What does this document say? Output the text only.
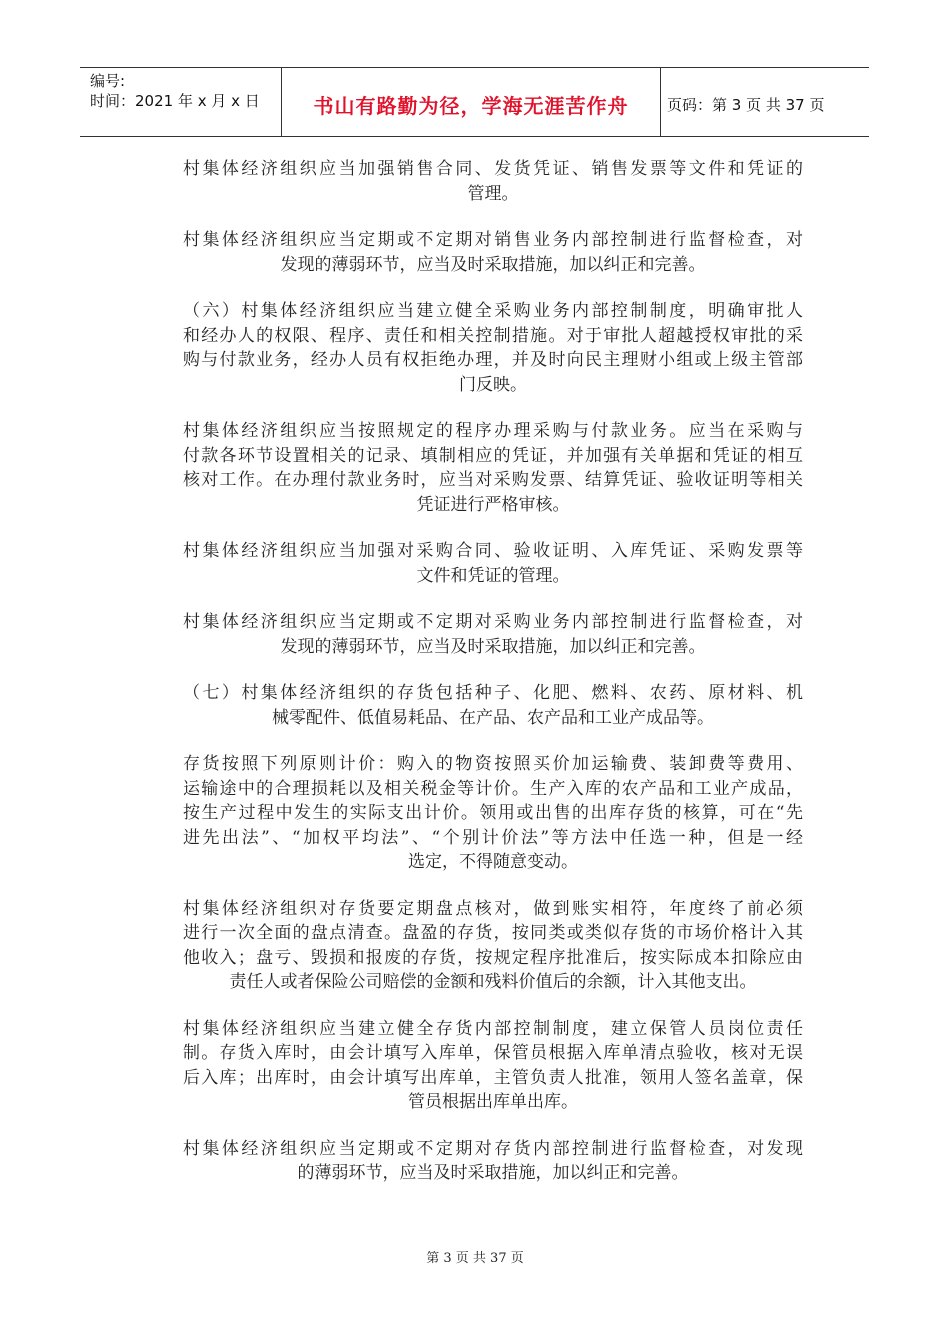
编号:
时间：2021 年 x 月 x 日	书山有路勤为径，学海无涯苦作舟	页码：第 3 页 共 37 页
村集体经济组织应当加强销售合同、发货凭证、销售发票等文件和凭证的
管理。
村集体经济组织应当定期或不定期对销售业务内部控制进行监督检查，对
发现的薄弱环节，应当及时采取措施，加以纠正和完善。
（六）村集体经济组织应当建立健全采购业务内部控制制度，明确审批人
和经办人的权限、程序、责任和相关控制措施。对于审批人超越授权审批的采
购与付款业务，经办人员有权拒绝办理，并及时向民主理财小组或上级主管部
门反映。
村集体经济组织应当按照规定的程序办理采购与付款业务。应当在采购与
付款各环节设置相关的记录、填制相应的凭证，并加强有关单据和凭证的相互
核对工作。在办理付款业务时，应当对采购发票、结算凭证、验收证明等相关
凭证进行严格审核。
村集体经济组织应当加强对采购合同、验收证明、入库凭证、采购发票等
文件和凭证的管理。
村集体经济组织应当定期或不定期对采购业务内部控制进行监督检查，对
发现的薄弱环节，应当及时采取措施，加以纠正和完善。
（七）村集体经济组织的存货包括种子、化肥、燃料、农药、原材料、机
械零配件、低值易耗品、在产品、农产品和工业产成品等。
存货按照下列原则计价：购入的物资按照买价加运输费、装卸费等费用、
运输途中的合理损耗以及相关税金等计价。生产入库的农产品和工业产成品，
按生产过程中发生的实际支出计价。领用或出售的出库存货的核算，可在“先
进先出法”、“加权平均法”、“个别计价法”等方法中任选一种，但是一经
选定，不得随意变动。
村集体经济组织对存货要定期盘点核对，做到账实相符，年度终了前必须
进行一次全面的盘点清查。盘盈的存货，按同类或类似存货的市场价格计入其
他收入；盘亏、毁损和报废的存货，按规定程序批准后，按实际成本扣除应由
责任人或者保险公司赔偿的金额和残料价值后的余额，计入其他支出。
村集体经济组织应当建立健全存货内部控制制度，建立保管人员岗位责任
制。存货入库时，由会计填写入库单，保管员根据入库单清点验收，核对无误
后入库；出库时，由会计填写出库单，主管负责人批准，领用人签名盖章，保
管员根据出库单出库。
村集体经济组织应当定期或不定期对存货内部控制进行监督检查，对发现
的薄弱环节，应当及时采取措施，加以纠正和完善。
第 3 页 共 37 页
